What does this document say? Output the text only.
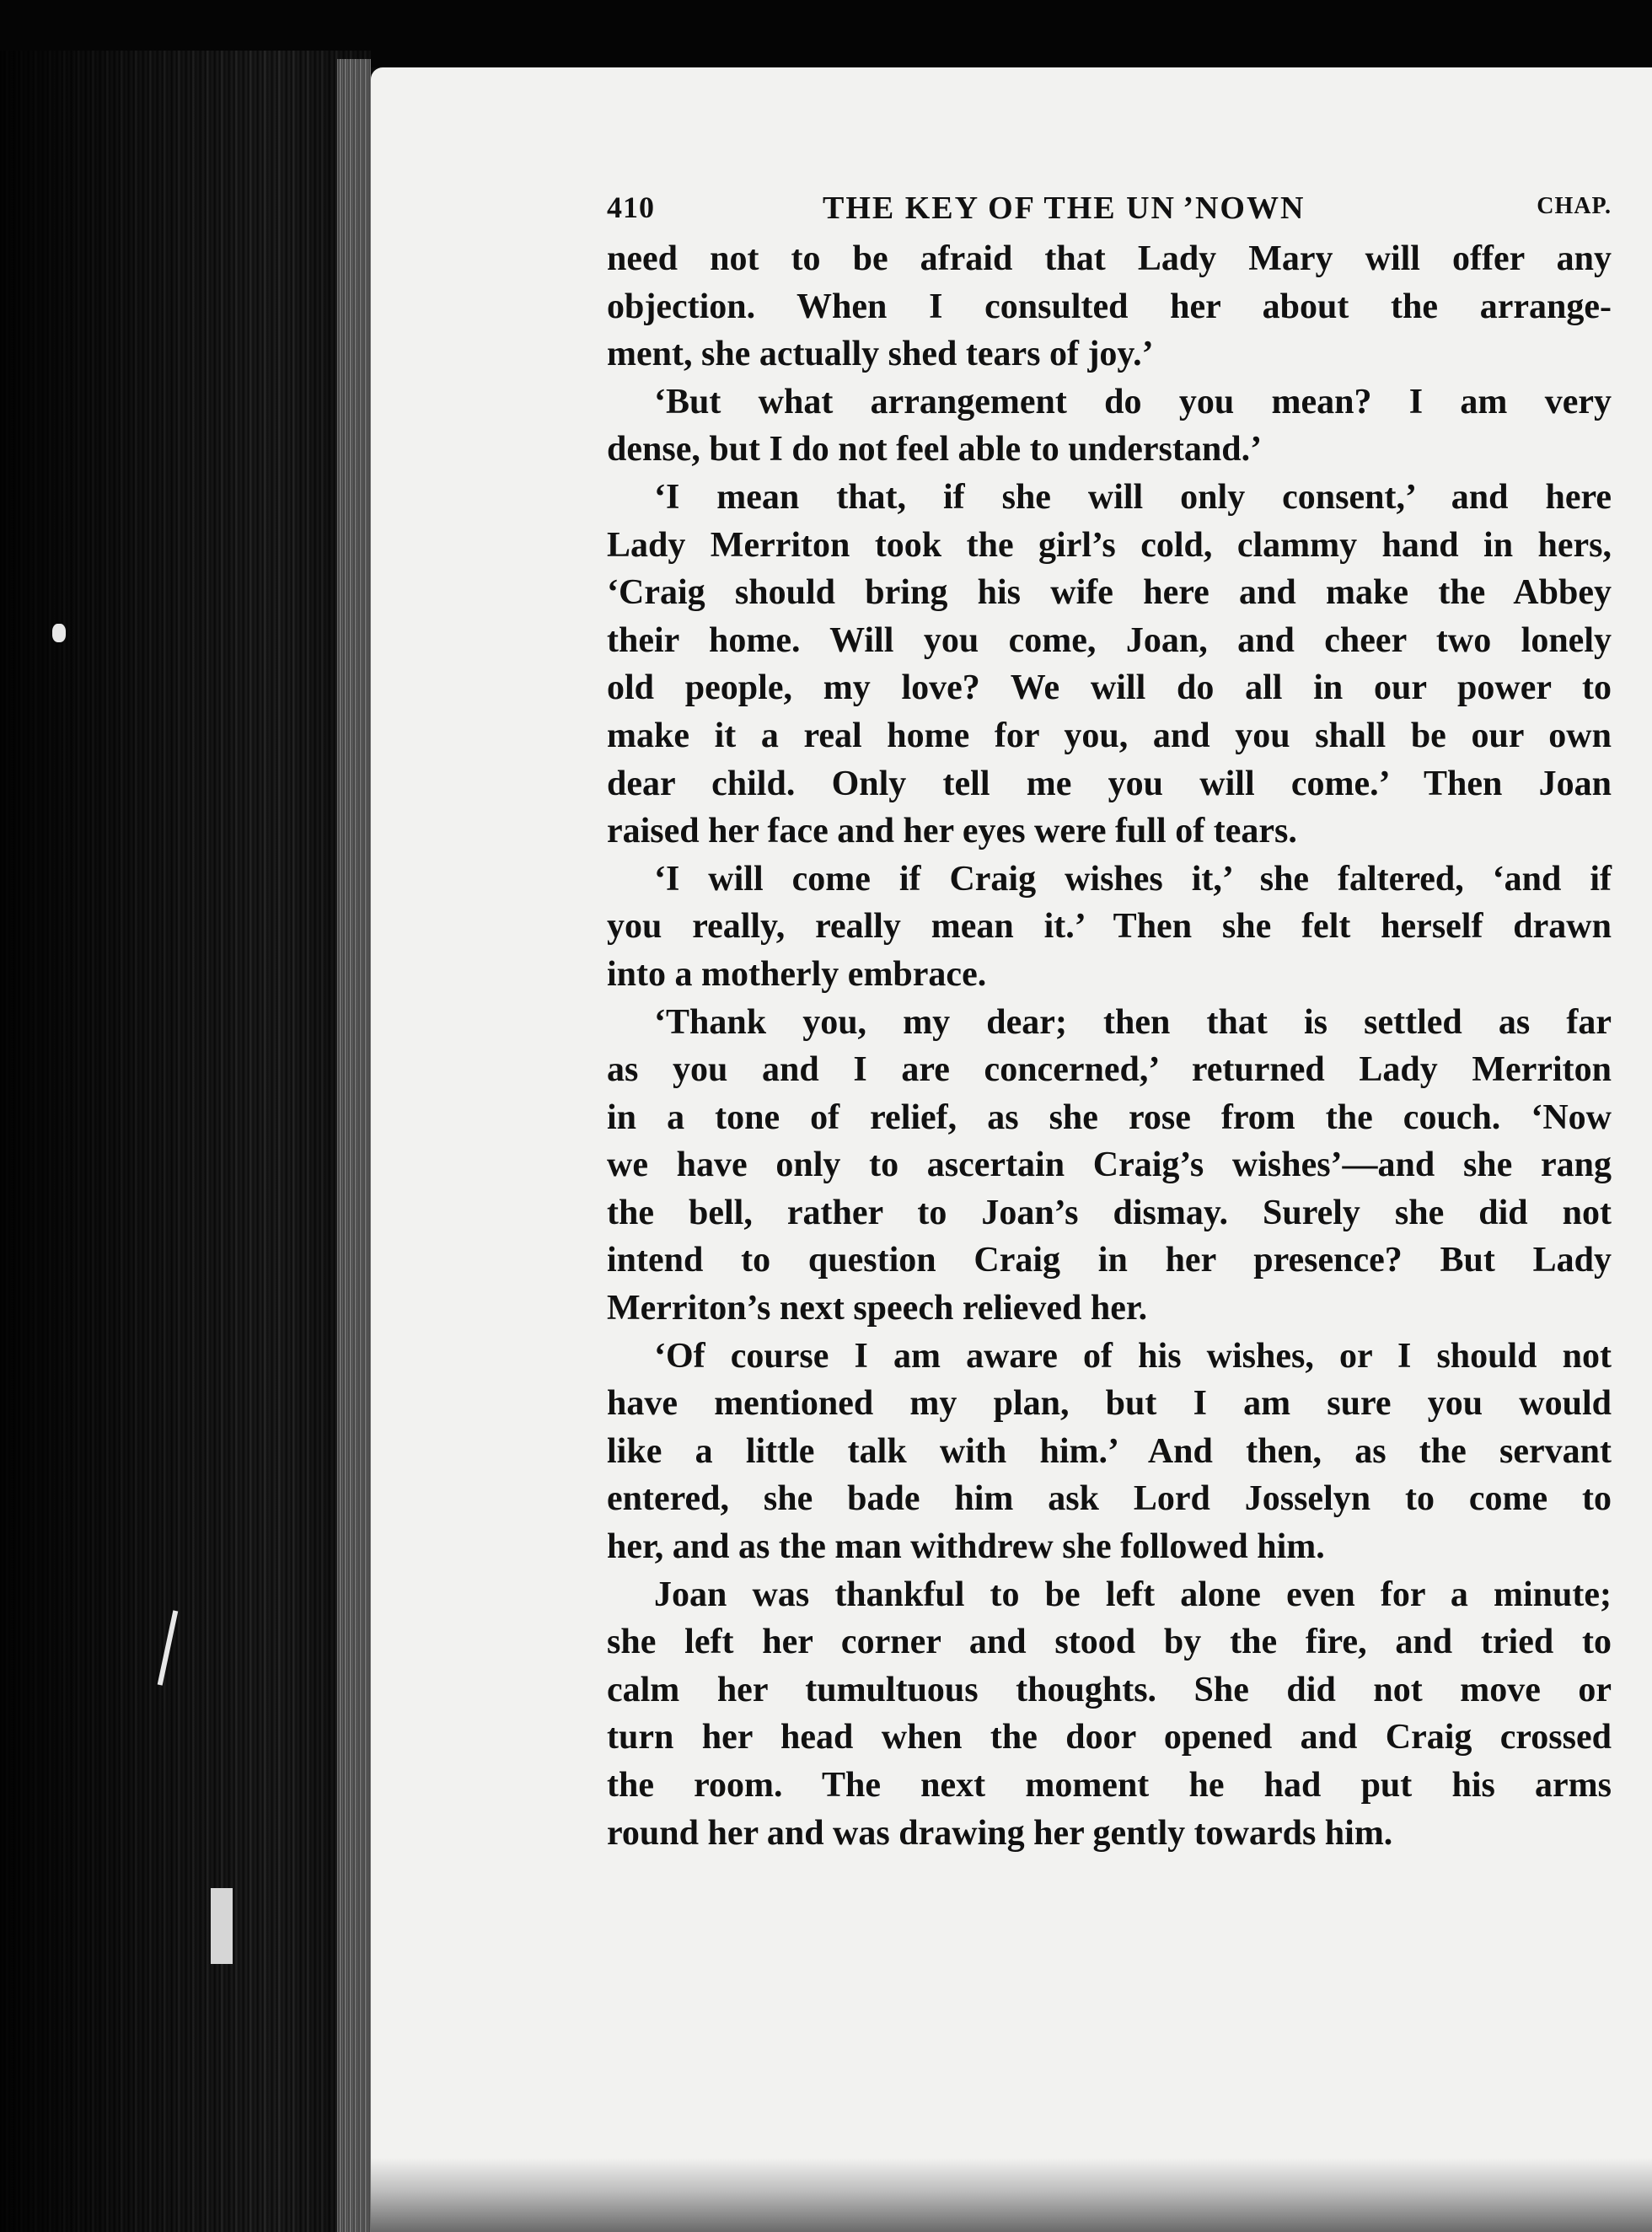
410	THE KEY OF THE UN ’NOWN	CHAP.
need not to be afraid that Lady Mary will offer any
objection. When I consulted her about the arrange-
ment, she actually shed tears of joy.’
‘But what arrangement do you mean? I am very
dense, but I do not feel able to understand.’
‘I mean that, if she will only consent,’ and here
Lady Merriton took the girl’s cold, clammy hand in hers,
‘Craig should bring his wife here and make the Abbey
their home. Will you come, Joan, and cheer two lonely
old people, my love? We will do all in our power to
make it a real home for you, and you shall be our own
dear child. Only tell me you will come.’ Then Joan
raised her face and her eyes were full of tears.
‘I will come if Craig wishes it,’ she faltered, ‘and if
you really, really mean it.’ Then she felt herself drawn
into a motherly embrace.
‘Thank you, my dear; then that is settled as far
as you and I are concerned,’ returned Lady Merriton
in a tone of relief, as she rose from the couch. ‘Now
we have only to ascertain Craig’s wishes’—and she rang
the bell, rather to Joan’s dismay. Surely she did not
intend to question Craig in her presence? But Lady
Merriton’s next speech relieved her.
‘Of course I am aware of his wishes, or I should not
have mentioned my plan, but I am sure you would
like a little talk with him.’ And then, as the servant
entered, she bade him ask Lord Josselyn to come to
her, and as the man withdrew she followed him.
Joan was thankful to be left alone even for a minute;
she left her corner and stood by the fire, and tried to
calm her tumultuous thoughts. She did not move or
turn her head when the door opened and Craig crossed
the room. The next moment he had put his arms
round her and was drawing her gently towards him.
